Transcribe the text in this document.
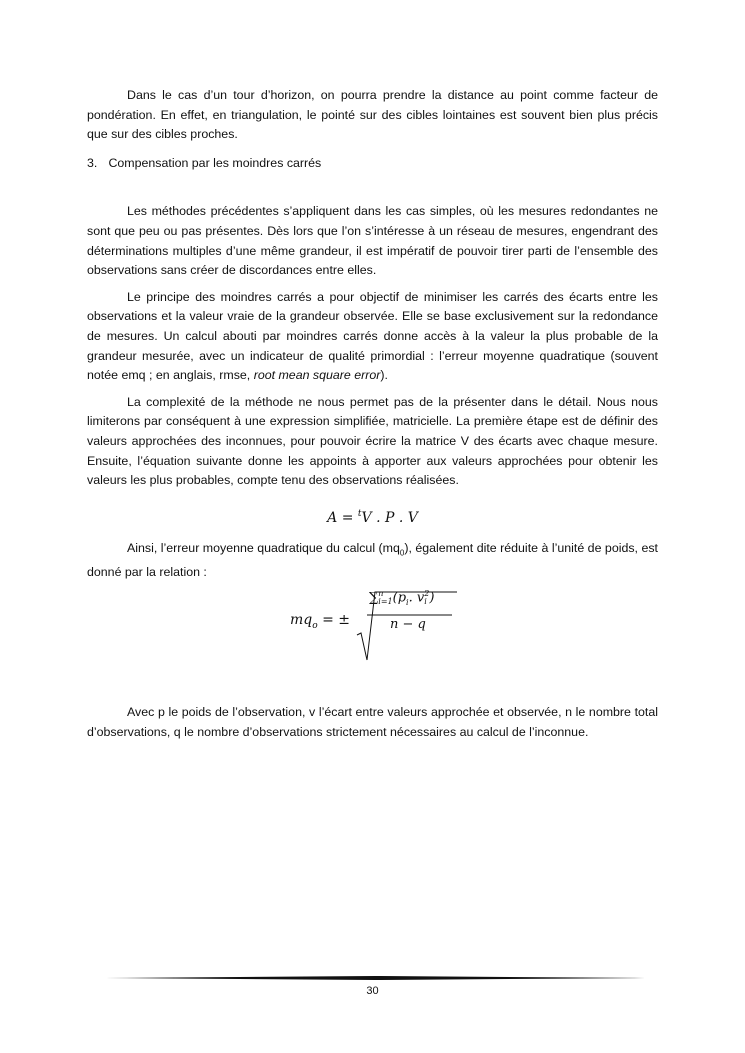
Dans le cas d’un tour d’horizon, on pourra prendre la distance au point comme facteur de pondération. En effet, en triangulation, le pointé sur des cibles lointaines est souvent bien plus précis que sur des cibles proches.

3. Compensation par les moindres carrés

Les méthodes précédentes s’appliquent dans les cas simples, où les mesures redondantes ne sont que peu ou pas présentes. Dès lors que l’on s’intéresse à un réseau de mesures, engendrant des déterminations multiples d’une même grandeur, il est impératif de pouvoir tirer parti de l’ensemble des observations sans créer de discordances entre elles.

Le principe des moindres carrés a pour objectif de minimiser les carrés des écarts entre les observations et la valeur vraie de la grandeur observée. Elle se base exclusivement sur la redondance de mesures. Un calcul abouti par moindres carrés donne accès à la valeur la plus probable de la grandeur mesurée, avec un indicateur de qualité primordial : l’erreur moyenne quadratique (souvent notée emq ; en anglais, rmse, root mean square error).

La complexité de la méthode ne nous permet pas de la présenter dans le détail. Nous nous limiterons par conséquent à une expression simplifiée, matricielle. La première étape est de définir des valeurs approchées des inconnues, pour pouvoir écrire la matrice V des écarts avec chaque mesure. Ensuite, l’équation suivante donne les appoints à apporter aux valeurs approchées pour obtenir les valeurs les plus probables, compte tenu des observations réalisées.

A = $^t$V . P . V

Ainsi, l’erreur moyenne quadratique du calcul $(mq_0)$, également dite réduite à l’unité de poids, est donné par la relation :

$mq_o$ = ±
∑n
$i=1(p_i$. v2
i )
n − q

Avec p le poids de l’observation, v l’écart entre valeurs approchée et observée, n le nombre total d’observations, q le nombre d’observations strictement nécessaires au calcul de l’inconnue.

30
